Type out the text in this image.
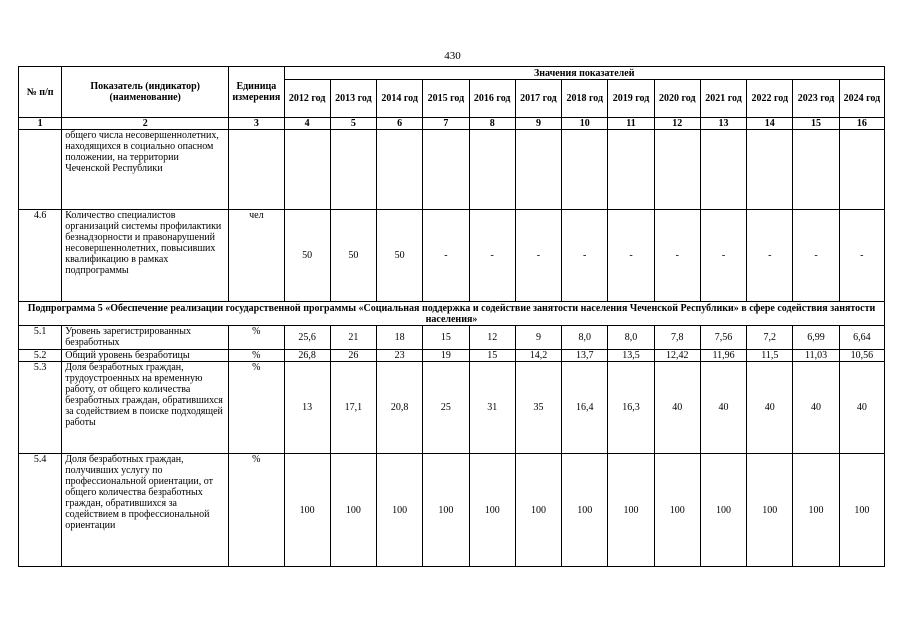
430
№ п/п	Показатель (индикатор) (наименование)	Единица измерения	Значения показателей												
			2012 год	2013 год	2014 год	2015 год	2016 год	2017 год	2018 год	2019 год	2020 год	2021 год	2022 год	2023 год	2024 год
1	2	3	4	5	6	7	8	9	10	11	12	13	14	15	16
	общего числа несовершеннолетних, находящихся в социально опасном положении, на территории Чеченской Республики														
4.6	Количество специалистов организаций системы профилактики безнадзорности и правонарушений несовершеннолетних, повысивших квалификацию в рамках подпрограммы	чел	50	50	50	-	-	-	-	-	-	-	-	-	-
Подпрограмма 5 «Обеспечение реализации государственной программы «Социальная поддержка и содействие занятости населения Чеченской Республики» в сфере содействия занятости населения»															
5.1	Уровень зарегистрированных безработных	%	25,6	21	18	15	12	9	8,0	8,0	7,8	7,56	7,2	6,99	6,64
5.2	Общий уровень безработицы	%	26,8	26	23	19	15	14,2	13,7	13,5	12,42	11,96	11,5	11,03	10,56
5.3	Доля безработных граждан, трудоустроенных на временную работу, от общего количества безработных граждан, обратившихся за содействием в поиске подходящей работы	%	13	17,1	20,8	25	31	35	16,4	16,3	40	40	40	40	40
5.4	Доля безработных граждан, получивших услугу по профессиональной ориентации, от общего количества безработных граждан, обратившихся за содействием в профессиональной ориентации	%	100	100	100	100	100	100	100	100	100	100	100	100	100
